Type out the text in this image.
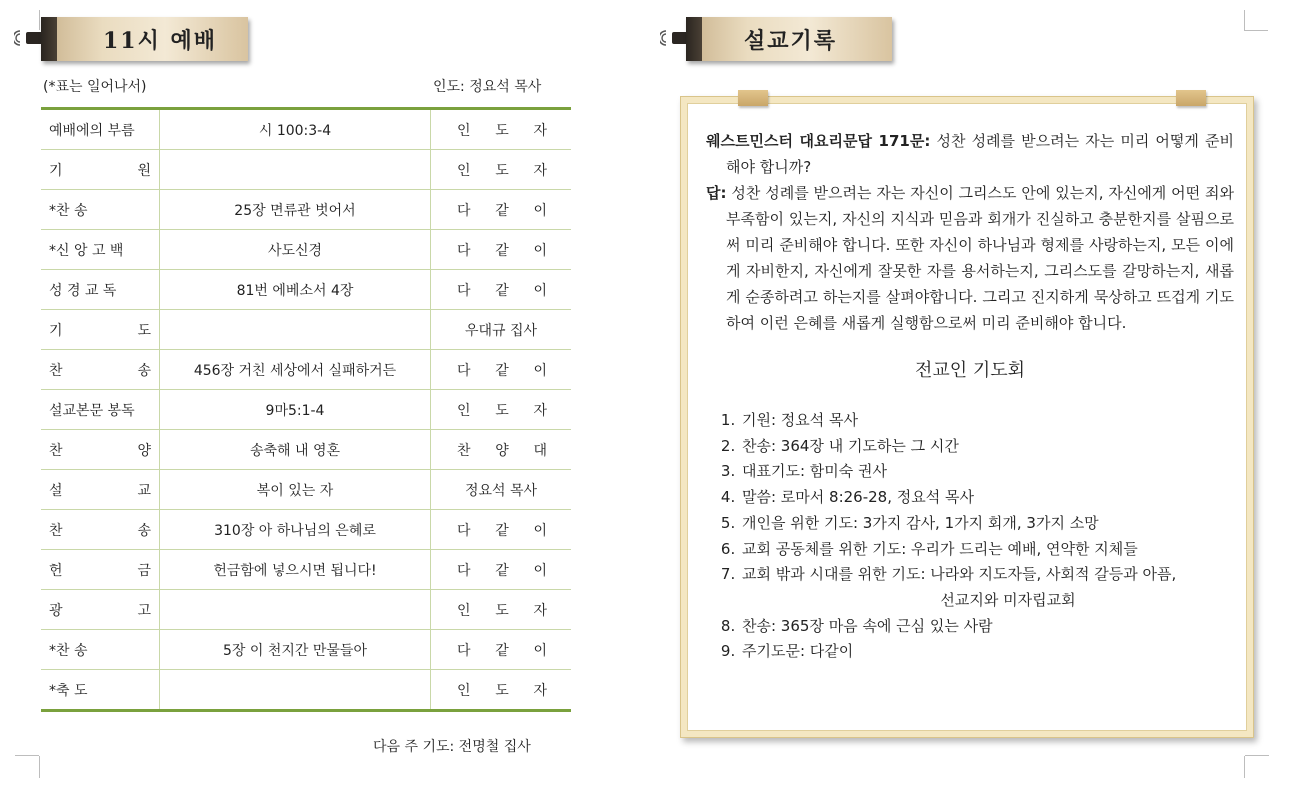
11시 예배
(*표는 일어나서)	인도: 정요석 목사
예배에의 부름	시 100:3-4	인 도 자

기 원		인 도 자

*찬 송	25장 면류관 벗어서	다 같 이

*신 앙 고 백	사도신경	다 같 이

성 경 교 독	81번 에베소서 4장	다 같 이

기 도		우대규 집사

찬 송	456장 거친 세상에서 실패하거든	다 같 이

설교본문 봉독	9마5:1-4	인 도 자

찬 양	송축해 내 영혼	찬 양 대

설 교	복이 있는 자	정요석 목사

찬 송	310장 아 하나님의 은혜로	다 같 이

헌 금	헌금함에 넣으시면 됩니다!	다 같 이

광 고		인 도 자

*찬 송	5장 이 천지간 만물들아	다 같 이

*축 도		인 도 자
다음 주 기도: 전명철 집사
설교기록

웨스트민스터 대요리문답 171문: 성찬 성례를 받으려는 자는 미리 어떻게 준비해야 합니까?

답: 성찬 성례를 받으려는 자는 자신이 그리스도 안에 있는지, 자신에게 어떤 죄와 부족함이 있는지, 자신의 지식과 믿음과 회개가 진실하고 충분한지를 살핌으로써 미리 준비해야 합니다. 또한 자신이 하나님과 형제를 사랑하는지, 모든 이에게 자비한지, 자신에게 잘못한 자를 용서하는지, 그리스도를 갈망하는지, 새롭게 순종하려고 하는지를 살펴야합니다. 그리고 진지하게 묵상하고 뜨겁게 기도하여 이런 은혜를 새롭게 실행함으로써 미리 준비해야 합니다.

전교인 기도회
1. 기원: 정요석 목사
2. 찬송: 364장 내 기도하는 그 시간
3. 대표기도: 함미숙 권사
4. 말씀: 로마서 8:26-28, 정요석 목사
5. 개인을 위한 기도: 3가지 감사, 1가지 회개, 3가지 소망
6. 교회 공동체를 위한 기도: 우리가 드리는 예배, 연약한 지체들
7. 교회 밖과 시대를 위한 기도: 나라와 지도자들, 사회적 갈등과 아픔,
선교지와 미자립교회
8. 찬송: 365장 마음 속에 근심 있는 사람
9. 주기도문: 다같이
